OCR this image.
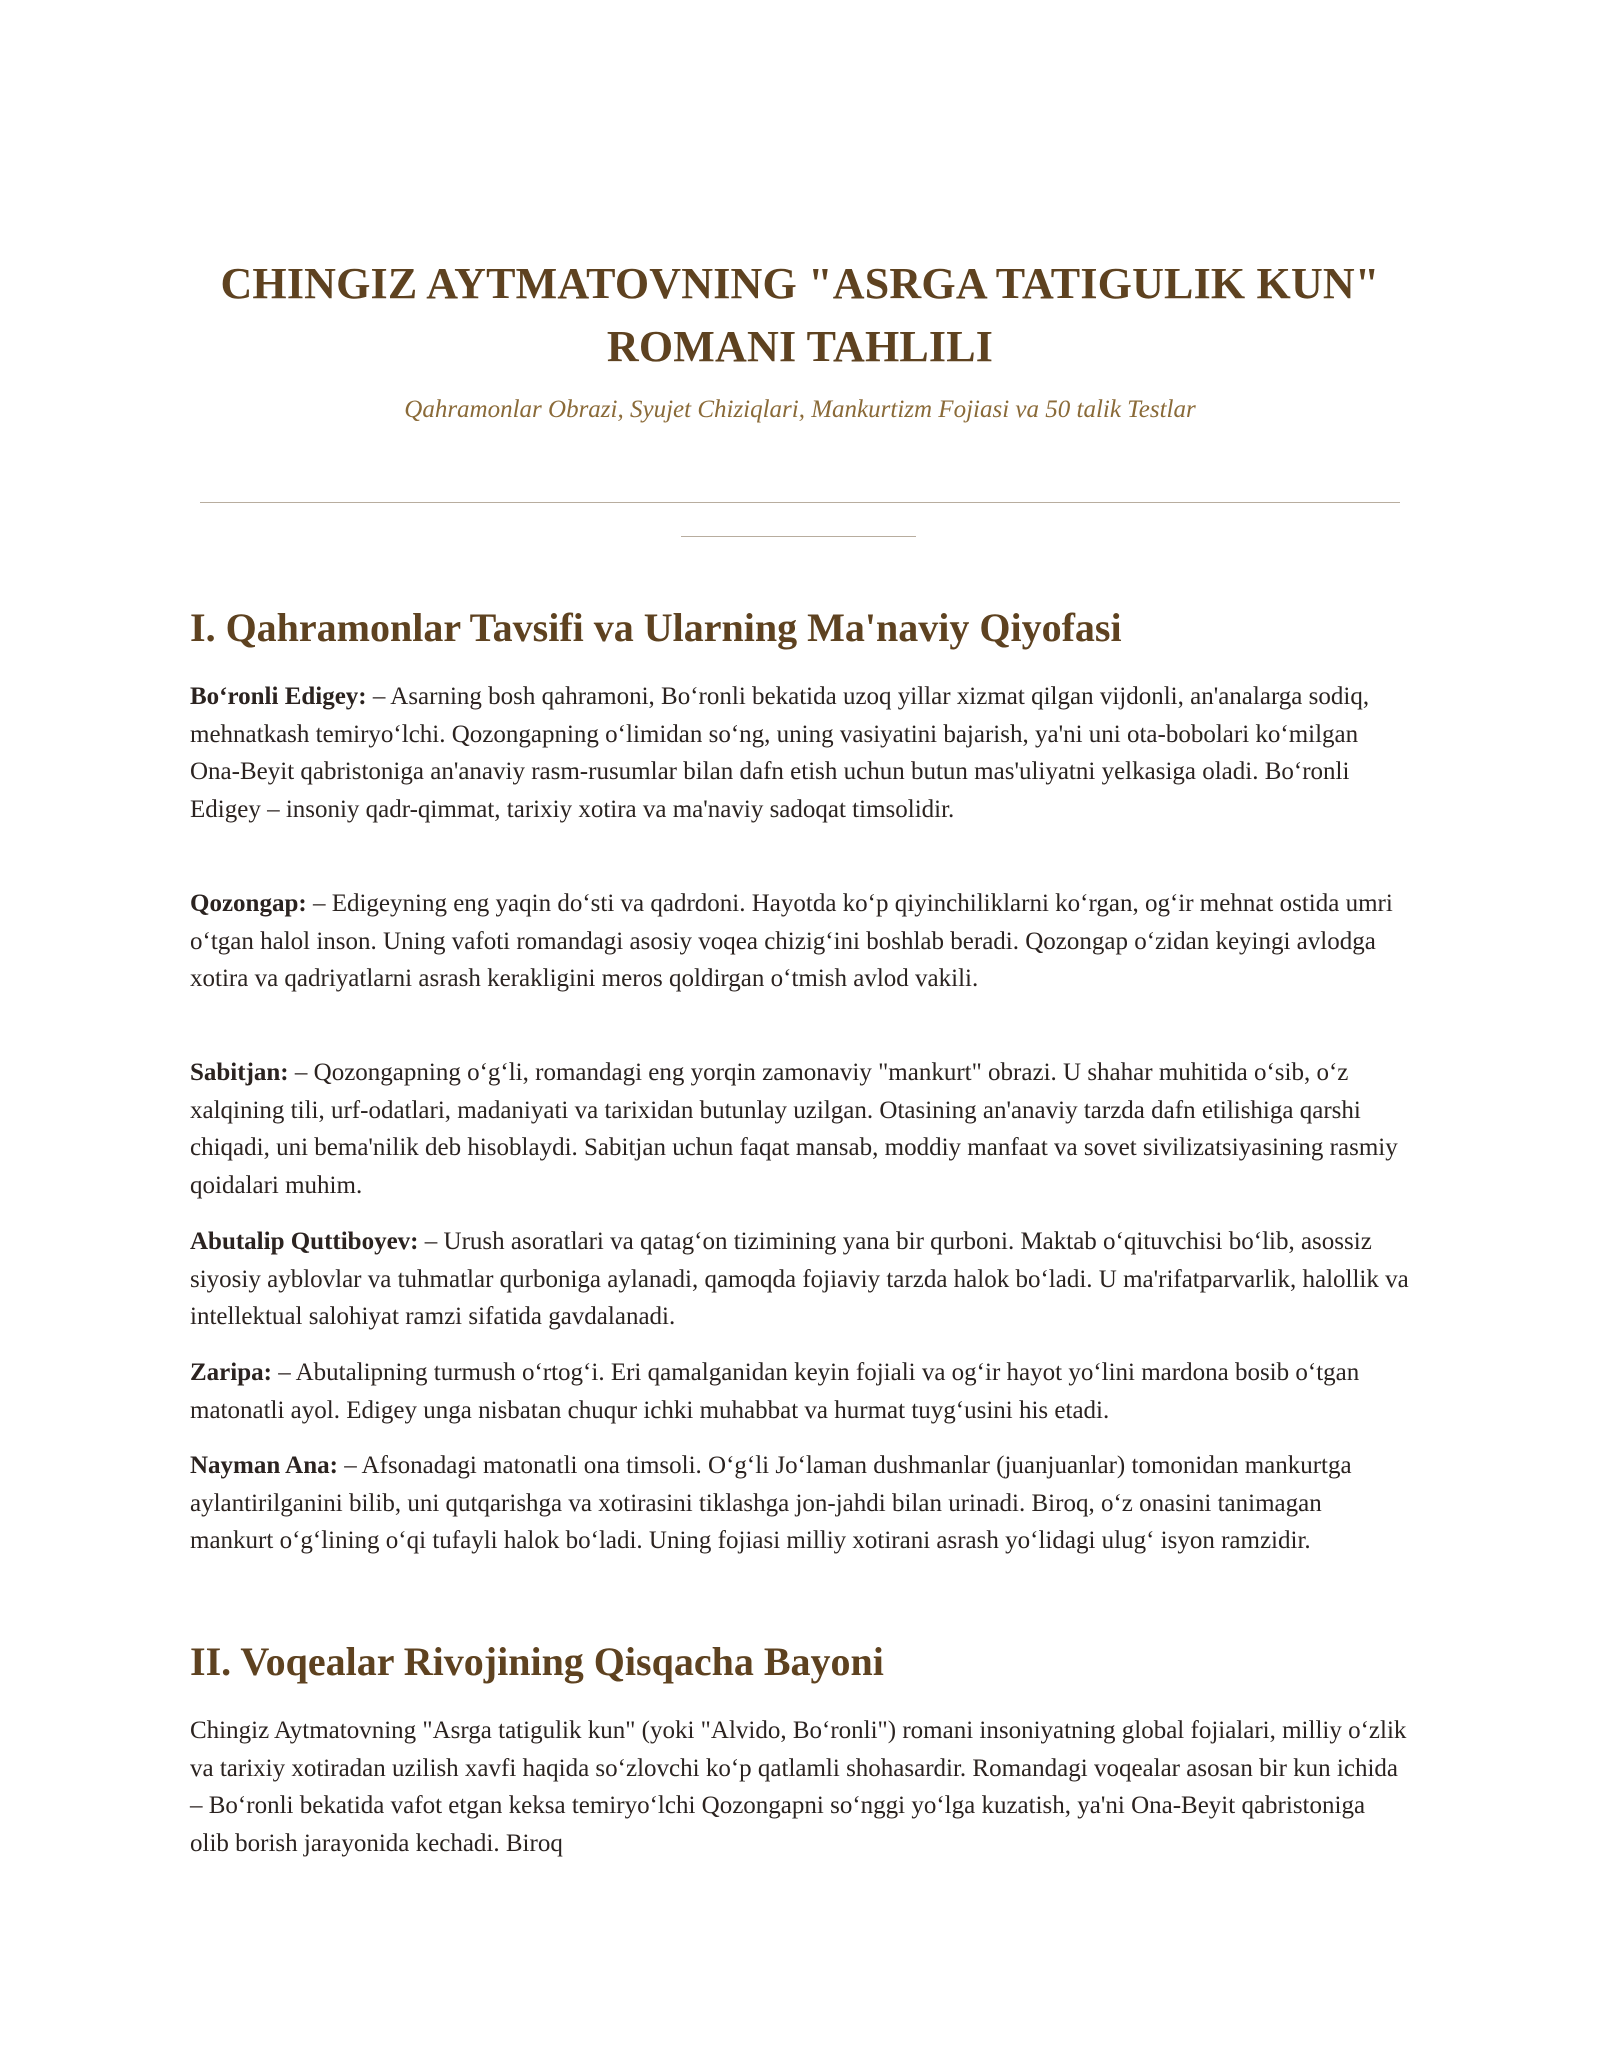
CHINGIZ AYTMATOVNING "ASRGA TATIGULIK KUN" ROMANI TAHLILI

Qahramonlar Obrazi, Syujet Chiziqlari, Mankurtizm Fojiasi va 50 talik Testlar

I. Qahramonlar Tavsifi va Ularning Ma'naviy Qiyofasi

Bo‘ronli Edigey: – Asarning bosh qahramoni, Bo‘ronli bekatida uzoq yillar xizmat qilgan vijdonli, an'analarga sodiq, mehnatkash temiryo‘lchi. Qozongapning o‘limidan so‘ng, uning vasiyatini bajarish, ya'ni uni ota-bobolari ko‘milgan Ona-Beyit qabristoniga an'anaviy rasm-rusumlar bilan dafn etish uchun butun mas'uliyatni yelkasiga oladi. Bo‘ronli Edigey – insoniy qadr-qimmat, tarixiy xotira va ma'naviy sadoqat timsolidir.

Qozongap: – Edigeyning eng yaqin do‘sti va qadrdoni. Hayotda ko‘p qiyinchiliklarni ko‘rgan, og‘ir mehnat ostida umri o‘tgan halol inson. Uning vafoti romandagi asosiy voqea chizig‘ini boshlab beradi. Qozongap o‘zidan keyingi avlodga xotira va qadriyatlarni asrash kerakligini meros qoldirgan o‘tmish avlod vakili.

Sabitjan: – Qozongapning o‘g‘li, romandagi eng yorqin zamonaviy "mankurt" obrazi. U shahar muhitida o‘sib, o‘z xalqining tili, urf-odatlari, madaniyati va tarixidan butunlay uzilgan. Otasining an'anaviy tarzda dafn etilishiga qarshi chiqadi, uni bema'nilik deb hisoblaydi. Sabitjan uchun faqat mansab, moddiy manfaat va sovet sivilizatsiyasining rasmiy qoidalari muhim.

Abutalip Quttiboyev: – Urush asoratlari va qatag‘on tizimining yana bir qurboni. Maktab o‘qituvchisi bo‘lib, asossiz siyosiy ayblovlar va tuhmatlar qurboniga aylanadi, qamoqda fojiaviy tarzda halok bo‘ladi. U ma'rifatparvarlik, halollik va intellektual salohiyat ramzi sifatida gavdalanadi.

Zaripa: – Abutalipning turmush o‘rtog‘i. Eri qamalganidan keyin fojiali va og‘ir hayot yo‘lini mardona bosib o‘tgan matonatli ayol. Edigey unga nisbatan chuqur ichki muhabbat va hurmat tuyg‘usini his etadi.

Nayman Ana: – Afsonadagi matonatli ona timsoli. O‘g‘li Jo‘laman dushmanlar (juanjuanlar) tomonidan mankurtga aylantirilganini bilib, uni qutqarishga va xotirasini tiklashga jon-jahdi bilan urinadi. Biroq, o‘z onasini tanimagan mankurt o‘g‘lining o‘qi tufayli halok bo‘ladi. Uning fojiasi milliy xotirani asrash yo‘lidagi ulug‘ isyon ramzidir.

II. Voqealar Rivojining Qisqacha Bayoni

Chingiz Aytmatovning "Asrga tatigulik kun" (yoki "Alvido, Bo‘ronli") romani insoniyatning global fojialari, milliy o‘zlik va tarixiy xotiradan uzilish xavfi haqida so‘zlovchi ko‘p qatlamli shohasardir. Romandagi voqealar asosan bir kun ichida – Bo‘ronli bekatida vafot etgan keksa temiryo‘lchi Qozongapni so‘nggi yo‘lga kuzatish, ya'ni Ona-Beyit qabristoniga olib borish jarayonida kechadi. Biroq
